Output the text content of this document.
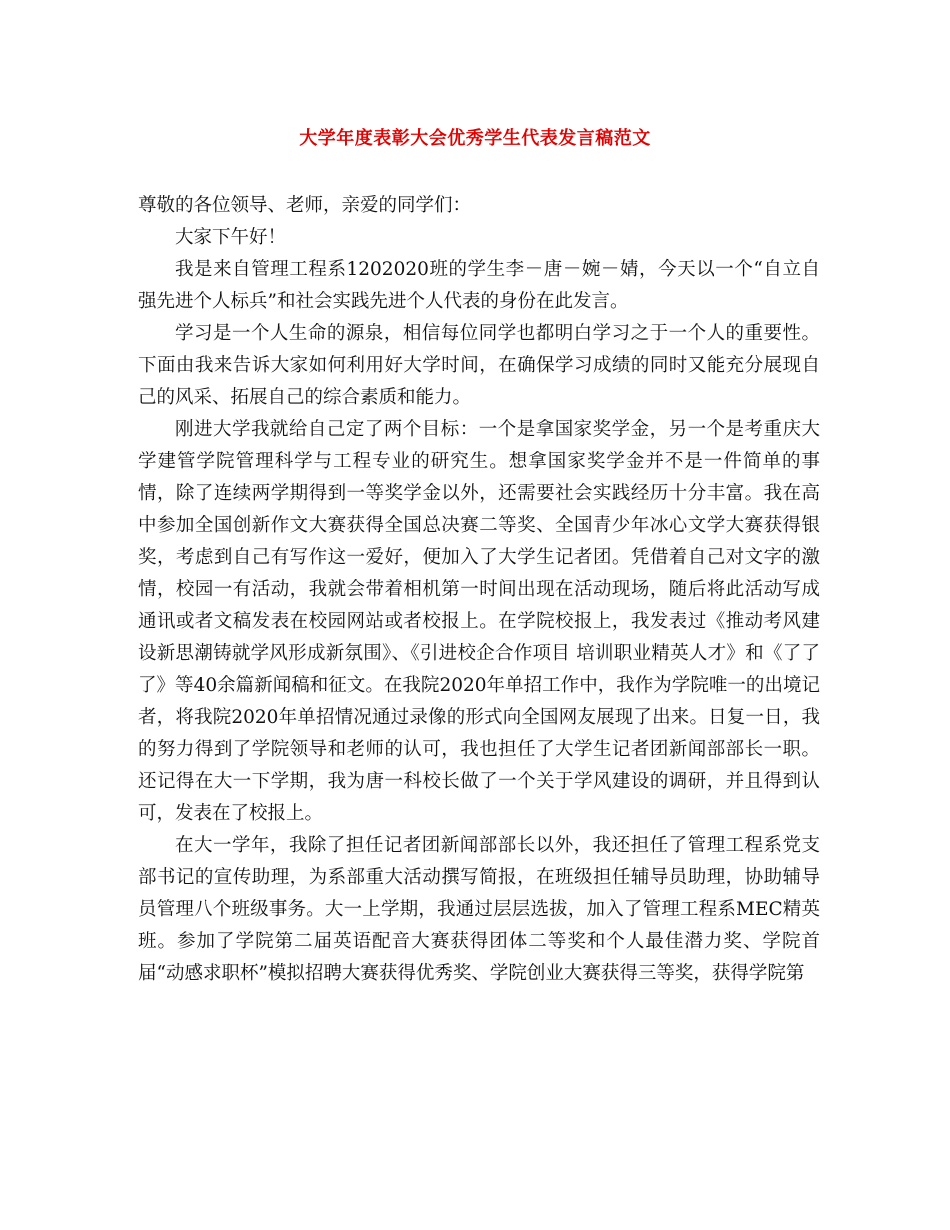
大学年度表彰大会优秀学生代表发言稿范文

尊敬的各位领导、老师，亲爱的同学们：

大家下午好！

我是来自管理工程系1202020班的学生李－唐－婉－婧，今天以一个“自立自强先进个人标兵”和社会实践先进个人代表的身份在此发言。

学习是一个人生命的源泉，相信每位同学也都明白学习之于一个人的重要性。下面由我来告诉大家如何利用好大学时间，在确保学习成绩的同时又能充分展现自己的风采、拓展自己的综合素质和能力。

刚进大学我就给自己定了两个目标：一个是拿国家奖学金，另一个是考重庆大学建管学院管理科学与工程专业的研究生。想拿国家奖学金并不是一件简单的事情，除了连续两学期得到一等奖学金以外，还需要社会实践经历十分丰富。我在高中参加全国创新作文大赛获得全国总决赛二等奖、全国青少年冰心文学大赛获得银奖，考虑到自己有写作这一爱好，便加入了大学生记者团。凭借着自己对文字的激情，校园一有活动，我就会带着相机第一时间出现在活动现场，随后将此活动写成通讯或者文稿发表在校园网站或者校报上。在学院校报上，我发表过《推动考风建设新思潮铸就学风形成新氛围》、《引进校企合作项目 培训职业精英人才》和《了了了》等40余篇新闻稿和征文。在我院2020年单招工作中，我作为学院唯一的出境记者，将我院2020年单招情况通过录像的形式向全国网友展现了出来。日复一日，我的努力得到了学院领导和老师的认可，我也担任了大学生记者团新闻部部长一职。还记得在大一下学期，我为唐一科校长做了一个关于学风建设的调研，并且得到认可，发表在了校报上。

在大一学年，我除了担任记者团新闻部部长以外，我还担任了管理工程系党支部书记的宣传助理，为系部重大活动撰写简报，在班级担任辅导员助理，协助辅导员管理八个班级事务。大一上学期，我通过层层选拔，加入了管理工程系MEC精英班。参加了学院第二届英语配音大赛获得团体二等奖和个人最佳潜力奖、学院首届“动感求职杯”模拟招聘大赛获得优秀奖、学院创业大赛获得三等奖，获得学院第
